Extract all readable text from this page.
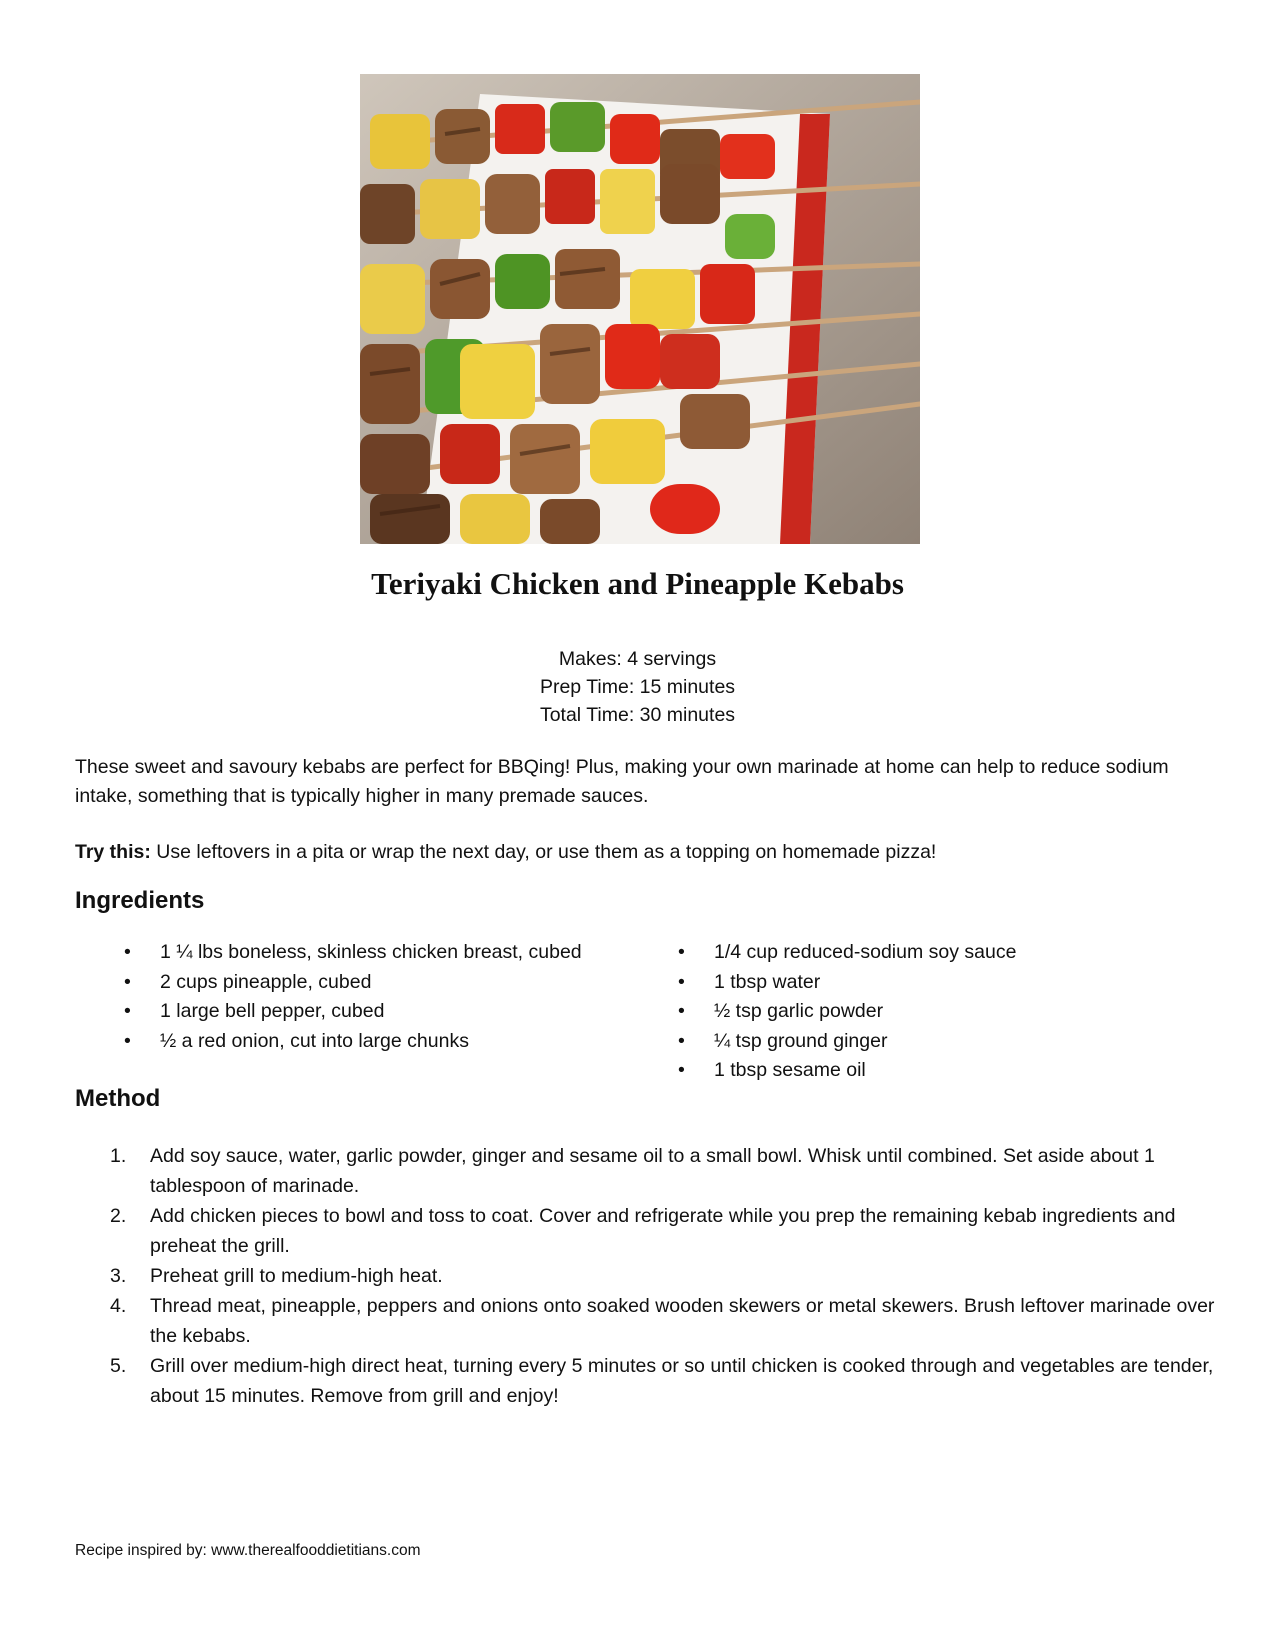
Teriyaki Chicken and Pineapple Kebabs
Makes: 4 servings
Prep Time: 15 minutes
Total Time: 30 minutes
These sweet and savoury kebabs are perfect for BBQing! Plus, making your own marinade at home can help to reduce sodium intake, something that is typically higher in many premade sauces.
Try this: Use leftovers in a pita or wrap the next day, or use them as a topping on homemade pizza!
Ingredients
• 1 ¼ lbs boneless, skinless chicken breast, cubed
• 2 cups pineapple, cubed
• 1 large bell pepper, cubed
• ½ a red onion, cut into large chunks
• 1/4 cup reduced-sodium soy sauce
• 1 tbsp water
• ½ tsp garlic powder
• ¼ tsp ground ginger
• 1 tbsp sesame oil
Method
1. Add soy sauce, water, garlic powder, ginger and sesame oil to a small bowl. Whisk until combined. Set aside about 1 tablespoon of marinade.
2. Add chicken pieces to bowl and toss to coat. Cover and refrigerate while you prep the remaining kebab ingredients and preheat the grill.
3. Preheat grill to medium-high heat.
4. Thread meat, pineapple, peppers and onions onto soaked wooden skewers or metal skewers. Brush leftover marinade over the kebabs.
5. Grill over medium-high direct heat, turning every 5 minutes or so until chicken is cooked through and vegetables are tender, about 15 minutes. Remove from grill and enjoy!
Recipe inspired by: www.therealfooddietitians.com
